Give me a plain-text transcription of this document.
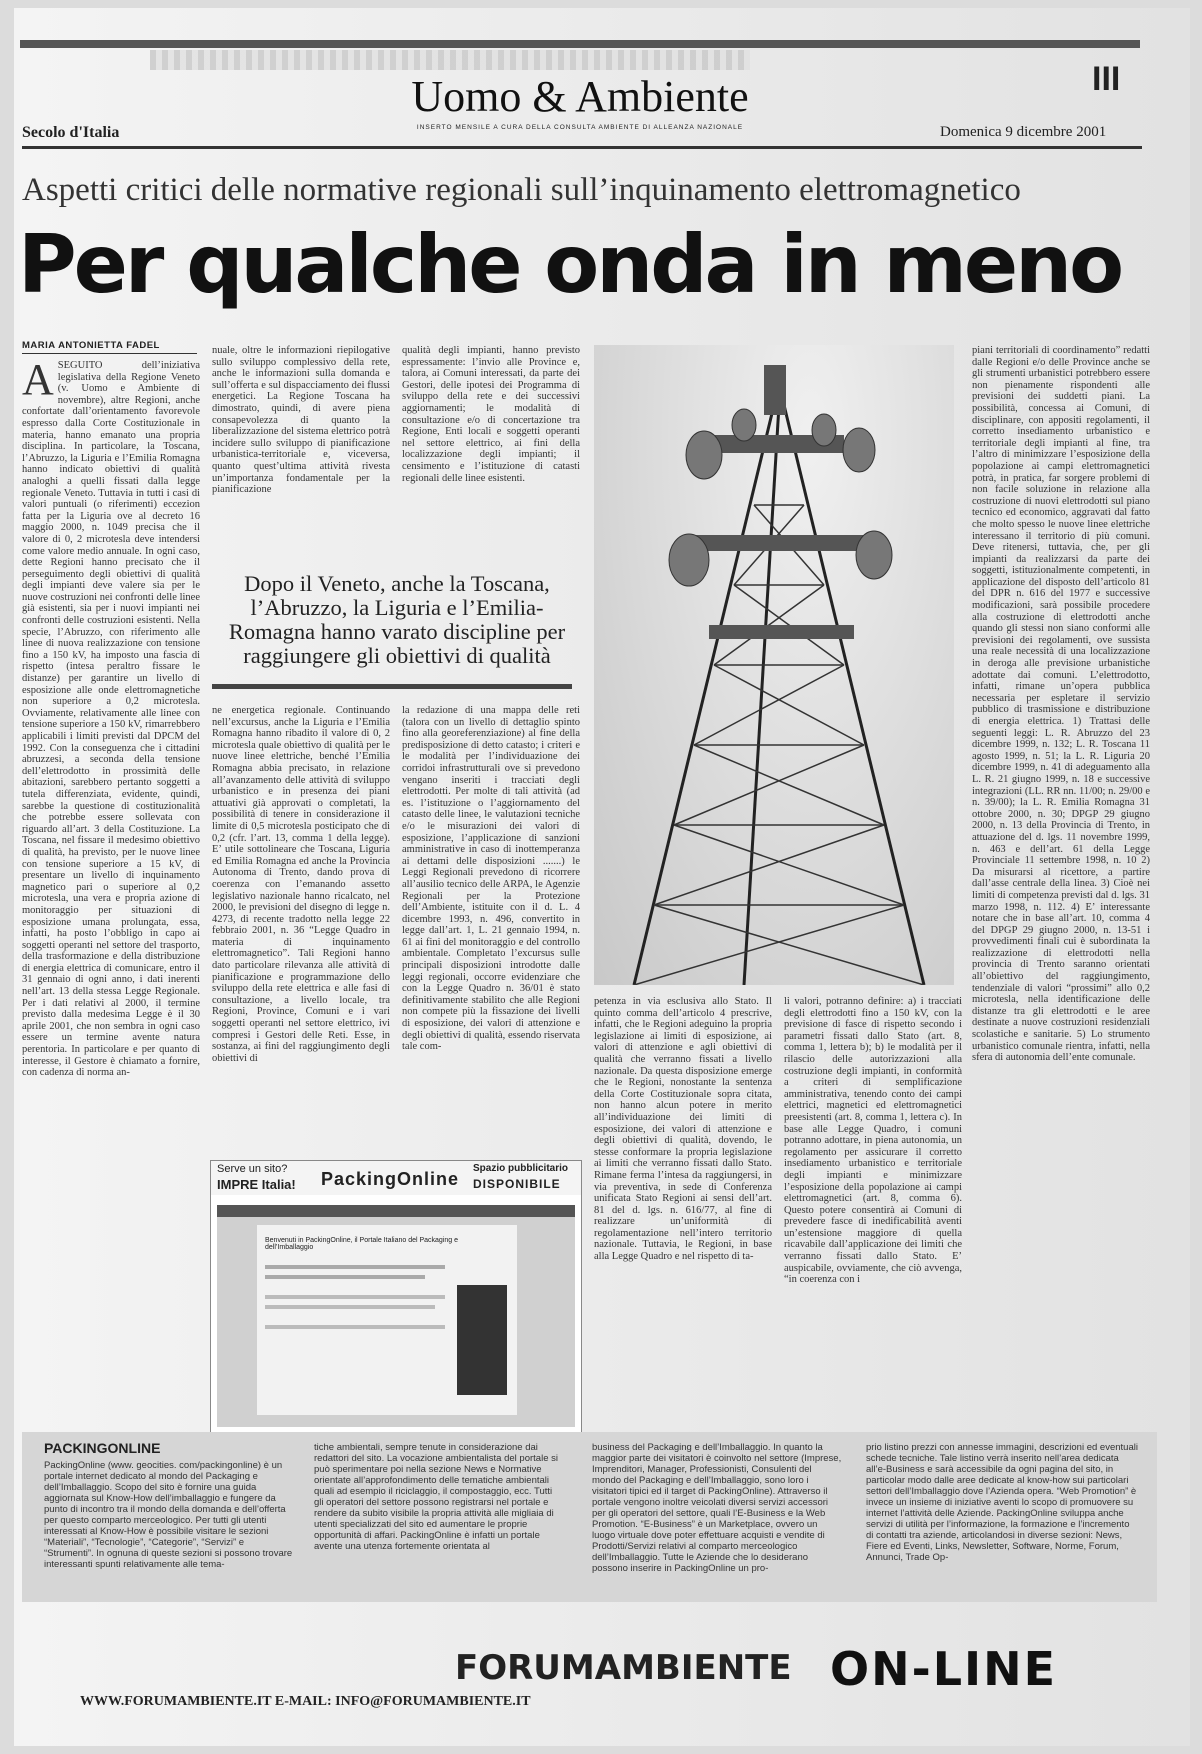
Uomo & Ambiente
INSERTO MENSILE A CURA DELLA CONSULTA AMBIENTE DI ALLEANZA NAZIONALE
III
Secolo d'Italia	Domenica 9 dicembre 2001
Aspetti critici delle normative regionali sull’inquinamento elettromagnetico
Per qualche onda in meno
MARIA ANTONIETTA FADEL
A SEGUITO dell’iniziativa legislativa della Regione Veneto (v. Uomo e Ambiente di novembre), altre Regioni, anche confortate dall’orientamento favorevole espresso dalla Corte Costituzionale in materia, hanno emanato una propria disciplina. In particolare, la Toscana, l’Abruzzo, la Liguria e l’Emilia Romagna hanno indicato obiettivi di qualità analoghi a quelli fissati dalla legge regionale Veneto. Tuttavia in tutti i casi di valori puntuali (o riferimenti) eccezion fatta per la Liguria ove al decreto 16 maggio 2000, n. 1049 precisa che il valore di 0, 2 microtesla deve intendersi come valore medio annuale. In ogni caso, dette Regioni hanno precisato che il perseguimento degli obiettivi di qualità degli impianti deve valere sia per le nuove costruzioni nei confronti delle linee già esistenti, sia per i nuovi impianti nei confronti delle costruzioni esistenti. Nella specie, l’Abruzzo, con riferimento alle linee di nuova realizzazione con tensione fino a 150 kV, ha imposto una fascia di rispetto (intesa peraltro fissare le distanze) per garantire un livello di esposizione alle onde elettromagnetiche non superiore a 0,2 microtesla. Ovviamente, relativamente alle linee con tensione superiore a 150 kV, rimarrebbero applicabili i limiti previsti dal DPCM del 1992. Con la conseguenza che i cittadini abruzzesi, a seconda della tensione dell’elettrodotto in prossimità delle abitazioni, sarebbero pertanto soggetti a tutela differenziata, evidente, quindi, sarebbe la questione di costituzionalità che potrebbe essere sollevata con riguardo all’art. 3 della Costituzione. La Toscana, nel fissare il medesimo obiettivo di qualità, ha previsto, per le nuove linee con tensione superiore a 15 kV, di presentare un livello di inquinamento magnetico pari o superiore al 0,2 microtesla, una vera e propria azione di monitoraggio per situazioni di esposizione umana prolungata, essa, infatti, ha posto l’obbligo in capo ai soggetti operanti nel settore del trasporto, della trasformazione e della distribuzione di energia elettrica di comunicare, entro il 31 gennaio di ogni anno, i dati inerenti nell’art. 13 della stessa Legge Regionale. Per i dati relativi al 2000, il termine previsto dalla medesima Legge è il 30 aprile 2001, che non sembra in ogni caso essere un termine avente natura perentoria. In particolare e per quanto di interesse, il Gestore è chiamato a fornire, con cadenza di norma an-
nuale, oltre le informazioni riepilogative sullo sviluppo complessivo della rete, anche le informazioni sulla domanda e sull’offerta e sul dispacciamento dei flussi energetici. La Regione Toscana ha dimostrato, quindi, di avere piena consapevolezza di quanto la liberalizzazione del sistema elettrico potrà incidere sullo sviluppo di pianificazione urbanistica-territoriale e, viceversa, quanto quest’ultima attività rivesta un’importanza fondamentale per la pianificazione
qualità degli impianti, hanno previsto espressamente: l’invio alle Province e, talora, ai Comuni interessati, da parte dei Gestori, delle ipotesi dei Programma di sviluppo della rete e dei successivi aggiornamenti; le modalità di consultazione e/o di concertazione tra Regione, Enti locali e soggetti operanti nel settore elettrico, ai fini della localizzazione degli impianti; il censimento e l’istituzione di catasti regionali delle linee esistenti.
Dopo il Veneto, anche la Toscana, l’Abruzzo, la Liguria e l’Emilia-Romagna hanno varato discipline per raggiungere gli obiettivi di qualità
ne energetica regionale. Continuando nell’excursus, anche la Liguria e l’Emilia Romagna hanno ribadito il valore di 0, 2 microtesla quale obiettivo di qualità per le nuove linee elettriche, benché l’Emilia Romagna abbia precisato, in relazione all’avanzamento delle attività di sviluppo urbanistico e in presenza dei piani attuativi già approvati o completati, la possibilità di tenere in considerazione il limite di 0,5 microtesla posticipato che di 0,2 (cfr. l’art. 13, comma 1 della legge). E’ utile sottolineare che Toscana, Liguria ed Emilia Romagna ed anche la Provincia Autonoma di Trento, dando prova di coerenza con l’emanando assetto legislativo nazionale hanno ricalcato, nel 2000, le previsioni del disegno di legge n. 4273, di recente tradotto nella legge 22 febbraio 2001, n. 36 “Legge Quadro in materia di inquinamento elettromagnetico”. Tali Regioni hanno dato particolare rilevanza alle attività di pianificazione e programmazione dello sviluppo della rete elettrica e alle fasi di consultazione, a livello locale, tra Regioni, Province, Comuni e i vari soggetti operanti nel settore elettrico, ivi compresi i Gestori delle Reti. Esse, in sostanza, ai fini del raggiungimento degli obiettivi di
la redazione di una mappa delle reti (talora con un livello di dettaglio spinto fino alla georeferenziazione) al fine della predisposizione di detto catasto; i criteri e le modalità per l’individuazione dei corridoi infrastrutturali ove si prevedono vengano inseriti i tracciati degli elettrodotti. Per molte di tali attività (ad es. l’istituzione o l’aggiornamento del catasto delle linee, le valutazioni tecniche e/o le misurazioni dei valori di esposizione, l’applicazione di sanzioni amministrative in caso di inottemperanza ai dettami delle disposizioni .......) le Leggi Regionali prevedono di ricorrere all’ausilio tecnico delle ARPA, le Agenzie Regionali per la Protezione dell’Ambiente, istituite con il d. L. 4 dicembre 1993, n. 496, convertito in legge dall’art. 1, L. 21 gennaio 1994, n. 61 ai fini del monitoraggio e del controllo ambientale. Completato l’excursus sulle principali disposizioni introdotte dalle leggi regionali, occorre evidenziare che con la Legge Quadro n. 36/01 è stato definitivamente stabilito che alle Regioni non compete più la fissazione dei livelli di esposizione, dei valori di attenzione e degli obiettivi di qualità, essendo riservata tale com-
petenza in via esclusiva allo Stato. Il quinto comma dell’articolo 4 prescrive, infatti, che le Regioni adeguino la propria legislazione ai limiti di esposizione, ai valori di attenzione e agli obiettivi di qualità che verranno fissati a livello nazionale. Da questa disposizione emerge che le Regioni, nonostante la sentenza della Corte Costituzionale sopra citata, non hanno alcun potere in merito all’individuazione dei limiti di esposizione, dei valori di attenzione e degli obiettivi di qualità, dovendo, le stesse conformare la propria legislazione ai limiti che verranno fissati dallo Stato. Rimane ferma l’intesa da raggiungersi, in via preventiva, in sede di Conferenza unificata Stato Regioni ai sensi dell’art. 81 del d. lgs. n. 616/77, al fine di realizzare un’uniformità di regolamentazione nell’intero territorio nazionale. Tuttavia, le Regioni, in base alla Legge Quadro e nel rispetto di ta-
li valori, potranno definire: a) i tracciati degli elettrodotti fino a 150 kV, con la previsione di fasce di rispetto secondo i parametri fissati dallo Stato (art. 8, comma 1, lettera b); b) le modalità per il rilascio delle autorizzazioni alla costruzione degli impianti, in conformità a criteri di semplificazione amministrativa, tenendo conto dei campi elettrici, magnetici ed elettromagnetici preesistenti (art. 8, comma 1, lettera c). In base alle Legge Quadro, i comuni potranno adottare, in piena autonomia, un regolamento per assicurare il corretto insediamento urbanistico e territoriale degli impianti e minimizzare l’esposizione della popolazione ai campi elettromagnetici (art. 8, comma 6). Questo potere consentirà ai Comuni di prevedere fasce di inedificabilità aventi un’estensione maggiore di quella ricavabile dall’applicazione dei limiti che verranno fissati dallo Stato. E’ auspicabile, ovviamente, che ciò avvenga, “in coerenza con i
piani territoriali di coordinamento” redatti dalle Regioni e/o delle Province anche se gli strumenti urbanistici potrebbero essere non pienamente rispondenti alle previsioni dei suddetti piani. La possibilità, concessa ai Comuni, di disciplinare, con appositi regolamenti, il corretto insediamento urbanistico e territoriale degli impianti al fine, tra l’altro di minimizzare l’esposizione della popolazione ai campi elettromagnetici potrà, in pratica, far sorgere problemi di non facile soluzione in relazione alla costruzione di nuovi elettrodotti sul piano tecnico ed economico, aggravati dal fatto che molto spesso le nuove linee elettriche interessano il territorio di più comuni. Deve ritenersi, tuttavia, che, per gli impianti da realizzarsi da parte dei soggetti, istituzionalmente competenti, in applicazione del disposto dell’articolo 81 del DPR n. 616 del 1977 e successive modificazioni, sarà possibile procedere alla costruzione di elettrodotti anche quando gli stessi non siano conformi alle previsioni dei regolamenti, ove sussista una reale necessità di una localizzazione in deroga alle previsione urbanistiche adottate dai comuni. L’elettrodotto, infatti, rimane un’opera pubblica necessaria per espletare il servizio pubblico di trasmissione e distribuzione di energia elettrica. 1) Trattasi delle seguenti leggi: L. R. Abruzzo del 23 dicembre 1999, n. 132; L. R. Toscana 11 agosto 1999, n. 51; la L. R. Liguria 20 dicembre 1999, n. 41 di adeguamento alla L. R. 21 giugno 1999, n. 18 e successive integrazioni (LL. RR nn. 11/00; n. 29/00 e n. 39/00); la L. R. Emilia Romagna 31 ottobre 2000, n. 30; DPGP 29 giugno 2000, n. 13 della Provincia di Trento, in attuazione del d. lgs. 11 novembre 1999, n. 463 e dell’art. 61 della Legge Provinciale 11 settembre 1998, n. 10 2) Da misurarsi al ricettore, a partire dall’asse centrale della linea. 3) Cioè nei limiti di competenza previsti dal d. lgs. 31 marzo 1998, n. 112. 4) E’ interessante notare che in base all’art. 10, comma 4 del DPGP 29 giugno 2000, n. 13-51 i provvedimenti finali cui è subordinata la realizzazione di elettrodotti nella provincia di Trento saranno orientati all’obiettivo del raggiungimento, tendenziale di valori “prossimi” allo 0,2 microtesla, nella identificazione delle distanze tra gli elettrodotti e le aree destinate a nuove costruzioni residenziali scolastiche e sanitarie. 5) Lo strumento urbanistico comunale rientra, infatti, nella sfera di autonomia dell’ente comunale.
Serve un sito?
IMPRE Italia! PackingOnline
Spazio pubblicitario
DISPONIBILE
Benvenuti in PackingOnline, il Portale Italiano del Packaging e dell’Imballaggio
PACKINGONLINE
PackingOnline (www. geocities. com/packingonline) è un portale internet dedicato al mondo del Packaging e dell’Imballaggio. Scopo del sito è fornire una guida aggiornata sul Know-How dell’imballaggio e fungere da punto di incontro tra il mondo della domanda e dell’offerta per questo comparto merceologico. Per tutti gli utenti interessati al Know-How è possibile visitare le sezioni “Materiali”, “Tecnologie”, “Categorie”, “Servizi” e “Strumenti”. In ognuna di queste sezioni si possono trovare interessanti spunti relativamente alle tema-
tiche ambientali, sempre tenute in considerazione dai redattori del sito. La vocazione ambientalista del portale si può sperimentare poi nella sezione News e Normative orientate all’approfondimento delle tematiche ambientali quali ad esempio il riciclaggio, il compostaggio, ecc. Tutti gli operatori del settore possono registrarsi nel portale e rendere da subito visibile la propria attività alle migliaia di utenti specializzati del sito ed aumentare le proprie opportunità di affari. PackingOnline è infatti un portale avente una utenza fortemente orientata al
business del Packaging e dell’Imballaggio. In quanto la maggior parte dei visitatori è coinvolto nel settore (Imprese, Imprenditori, Manager, Professionisti, Consulenti del mondo del Packaging e dell’Imballaggio, sono loro i visitatori tipici ed il target di PackingOnline). Attraverso il portale vengono inoltre veicolati diversi servizi accessori per gli operatori del settore, quali l’E-Business e la Web Promotion. “E-Business” è un Marketplace, ovvero un luogo virtuale dove poter effettuare acquisti e vendite di Prodotti/Servizi relativi al comparto merceologico dell’Imballaggio. Tutte le Aziende che lo desiderano possono inserire in PackingOnline un pro-
prio listino prezzi con annesse immagini, descrizioni ed eventuali schede tecniche. Tale listino verrà inserito nell’area dedicata all’e-Business e sarà accessibile da ogni pagina del sito, in particolar modo dalle aree dedicate al know-how sui particolari settori dell’Imballaggio dove l’Azienda opera. “Web Promotion” è invece un insieme di iniziative aventi lo scopo di promuovere su internet l’attività delle Aziende. PackingOnline sviluppa anche servizi di utilità per l’informazione, la formazione e l’incremento di contatti tra aziende, articolandosi in diverse sezioni: News, Fiere ed Eventi, Links, Newsletter, Software, Norme, Forum, Annunci, Trade Op-
FORUMAMBIENTE ON-LINE
WWW.FORUMAMBIENTE.IT E-MAIL: INFO@FORUMAMBIENTE.IT
